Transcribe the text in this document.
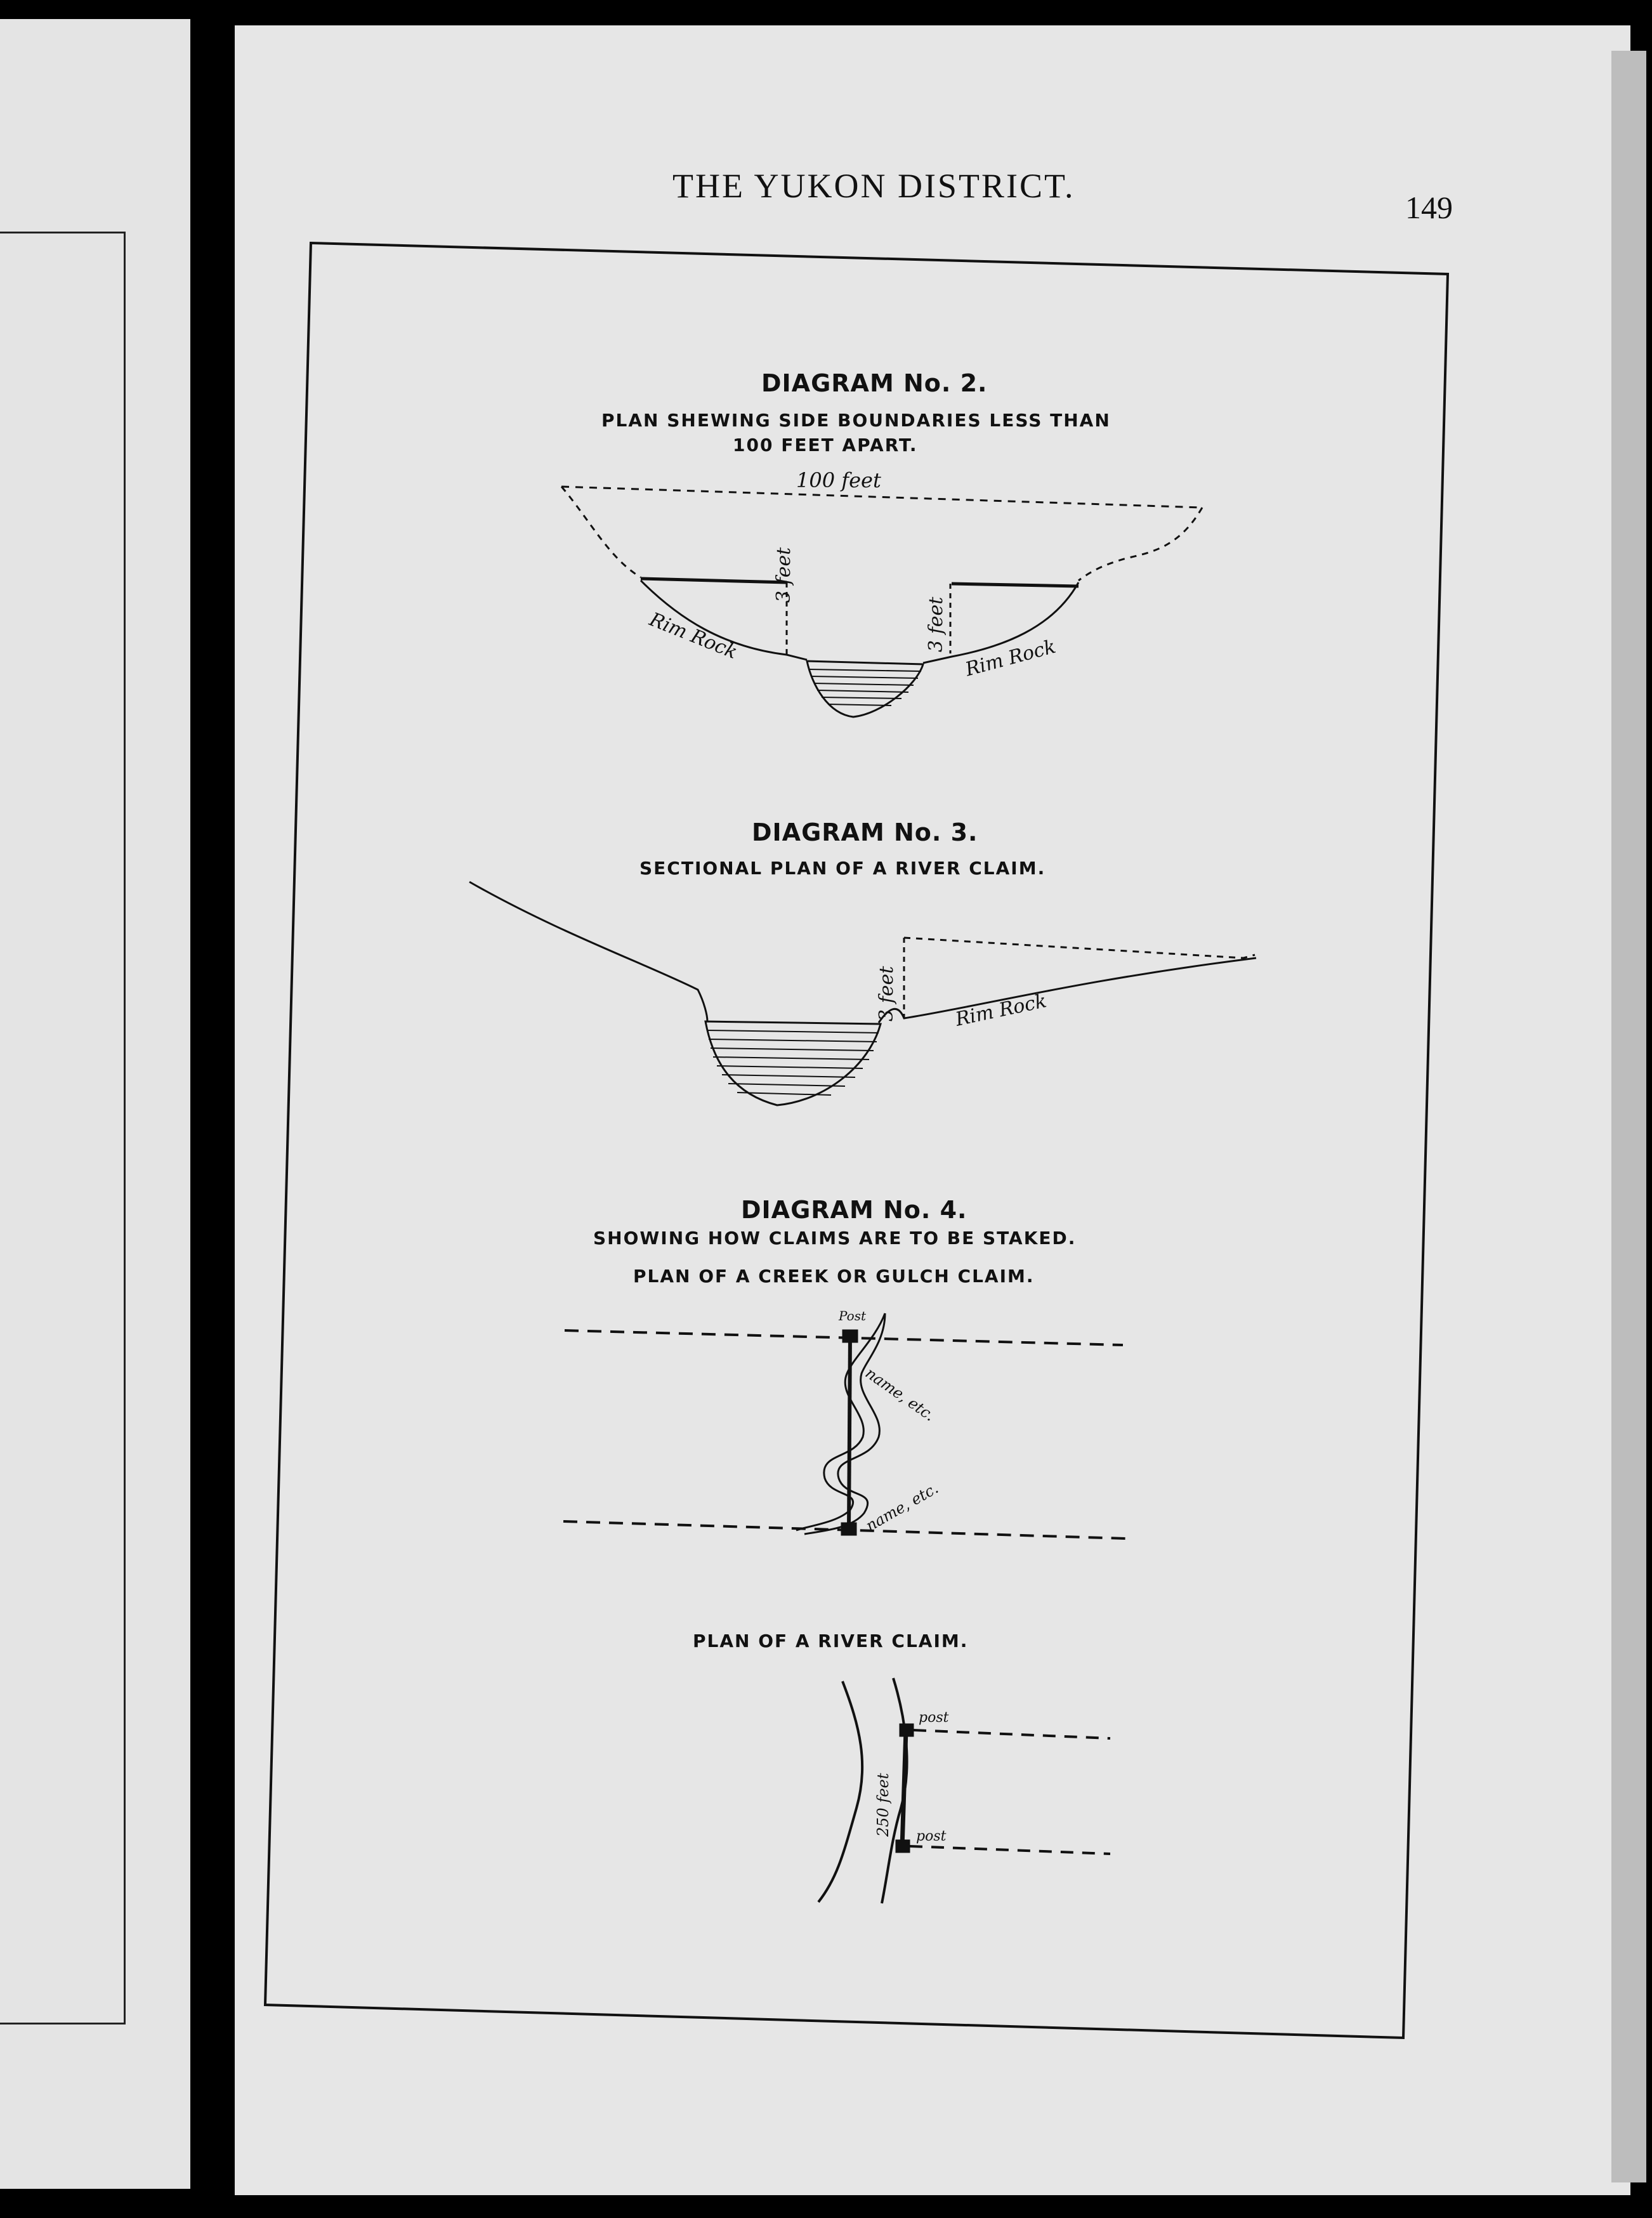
THE YUKON DISTRICT.
149
DIAGRAM No. 2.
PLAN SHEWING SIDE BOUNDARIES LESS THAN
100 FEET APART.
100 feet
3 feet
3 feet
Rim Rock	Rim Rock
DIAGRAM No. 3.
SECTIONAL PLAN OF A RIVER CLAIM.
3 feet	Rim Rock
DIAGRAM No. 4.
SHOWING HOW CLAIMS ARE TO BE STAKED.
PLAN OF A CREEK OR GULCH CLAIM.
Post
name, etc.
name, etc.
PLAN OF A RIVER CLAIM.
post
post
250 feet
